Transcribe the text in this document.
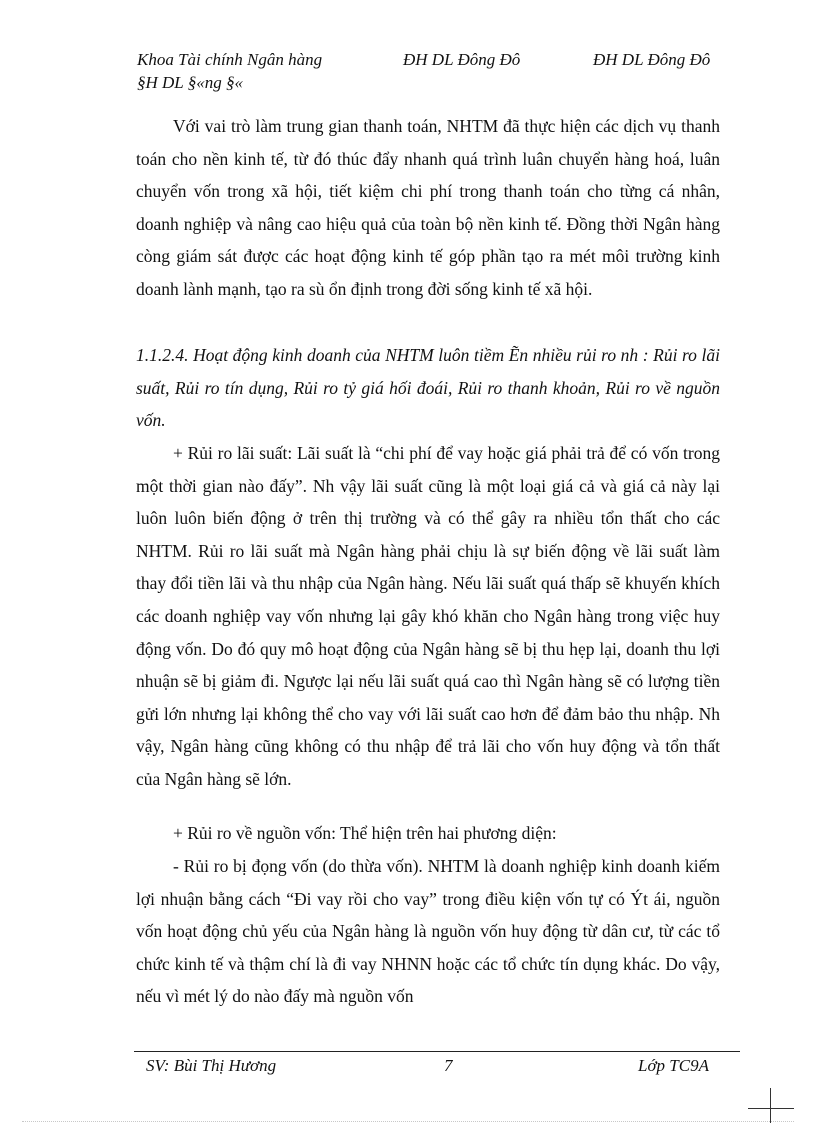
Khoa Tài chính Ngân hàng	ĐH DL Đông Đô	ĐH DL Đông Đô
§H DL §«ng §«
Với vai trò làm trung gian thanh toán, NHTM đã thực hiện các dịch vụ thanh toán cho nền kinh tế, từ đó thúc đẩy nhanh quá trình luân chuyển hàng hoá, luân chuyển vốn trong xã hội, tiết kiệm chi phí trong thanh toán cho từng cá nhân, doanh nghiệp và nâng cao hiệu quả của toàn bộ nền kinh tế. Đồng thời Ngân hàng còng giám sát được các hoạt động kinh tế góp phần tạo ra mét môi trường kinh doanh lành mạnh, tạo ra sù ổn định trong đời sống kinh tế xã hội.
1.1.2.4. Hoạt động kinh doanh của NHTM luôn tiềm Ẽn nhiều rủi ro nh : Rủi ro lãi suất, Rủi ro tín dụng, Rủi ro tỷ giá hối đoái, Rủi ro thanh khoản, Rủi ro về nguồn vốn.
+ Rủi ro lãi suất: Lãi suất là “chi phí để vay hoặc giá phải trả để có vốn trong một thời gian nào đấy”. Nh vậy lãi suất cũng là một loại giá cả và giá cả này lại luôn luôn biến động ở trên thị trường và có thể gây ra nhiều tổn thất cho các NHTM. Rủi ro lãi suất mà Ngân hàng phải chịu là sự biến động về lãi suất làm thay đổi tiền lãi và thu nhập của Ngân hàng. Nếu lãi suất quá thấp sẽ khuyến khích các doanh nghiệp vay vốn nhưng lại gây khó khăn cho Ngân hàng trong việc huy động vốn. Do đó quy mô hoạt động của Ngân hàng sẽ bị thu hẹp lại, doanh thu lợi nhuận sẽ bị giảm đi. Ngược lại nếu lãi suất quá cao thì Ngân hàng sẽ có lượng tiền gửi lớn nhưng lại không thể cho vay với lãi suất cao hơn để đảm bảo thu nhập. Nh vậy, Ngân hàng cũng không có thu nhập để trả lãi cho vốn huy động và tổn thất của Ngân hàng sẽ lớn.
+ Rủi ro về nguồn vốn: Thể hiện trên hai phương diện:
- Rủi ro bị đọng vốn (do thừa vốn). NHTM là doanh nghiệp kinh doanh kiếm lợi nhuận bằng cách “Đi vay rồi cho vay” trong điều kiện vốn tự có Ýt ái, nguồn vốn hoạt động chủ yếu của Ngân hàng là nguồn vốn huy động từ dân cư, từ các tổ chức kinh tế và thậm chí là đi vay NHNN hoặc các tổ chức tín dụng khác. Do vậy, nếu vì mét lý do nào đấy mà nguồn vốn
SV: Bùi Thị Hương	7	Lớp TC9A
